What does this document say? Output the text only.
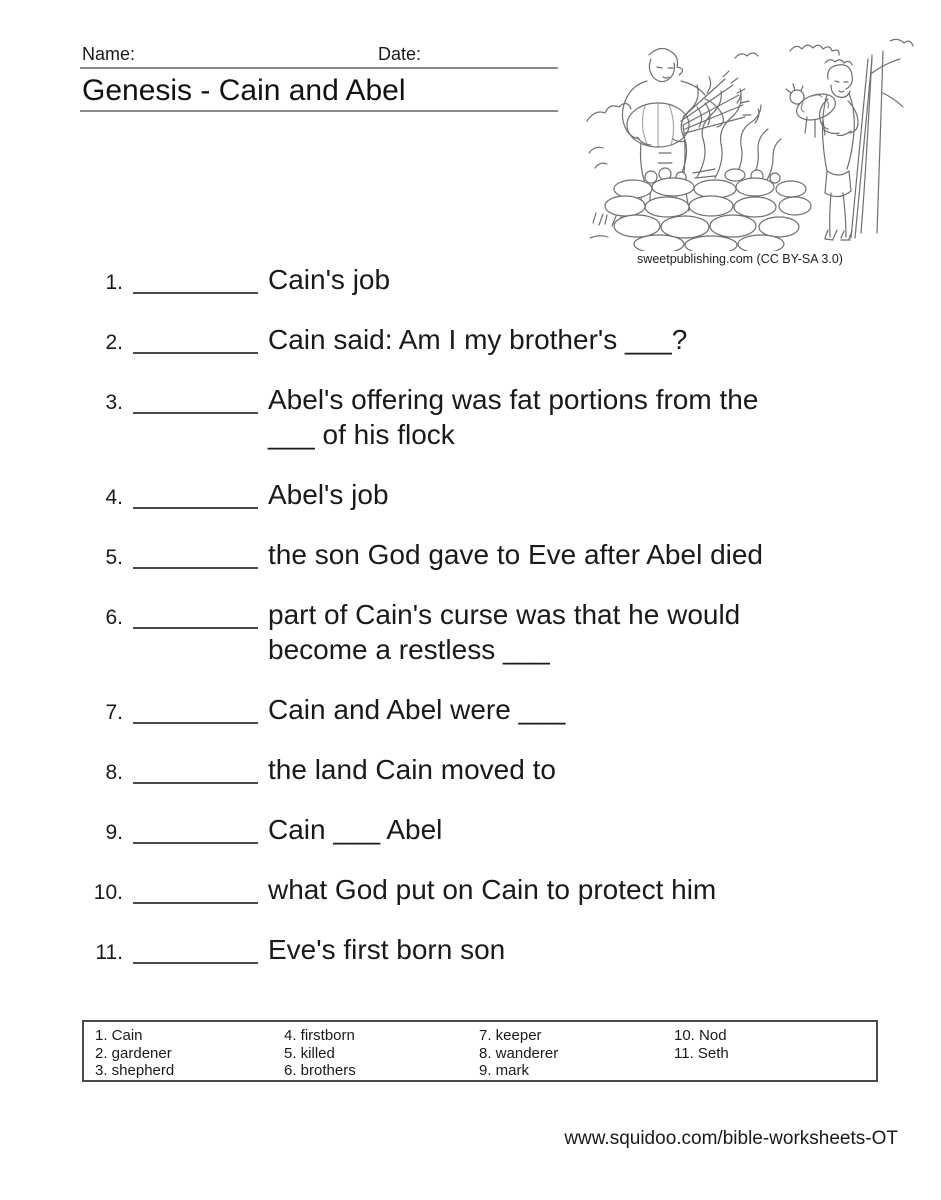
Name:	Date:
Genesis - Cain and Abel
sweetpublishing.com (CC BY-SA 3.0)
1.	Cain's job
2.	Cain said: Am I my brother's ___?
3.	Abel's offering was fat portions from the
___ of his flock
4.	Abel's job
5.	the son God gave to Eve after Abel died
6.	part of Cain's curse was that he would
become a restless ___
7.	Cain and Abel were ___
8.	the land Cain moved to
9.	Cain ___ Abel
10.	what God put on Cain to protect him
11.	Eve's first born son
1. Cain
2. gardener
3. shepherd
4. firstborn
5. killed
6. brothers
7. keeper
8. wanderer
9. mark
10. Nod
11. Seth
www.squidoo.com/bible-worksheets-OT
